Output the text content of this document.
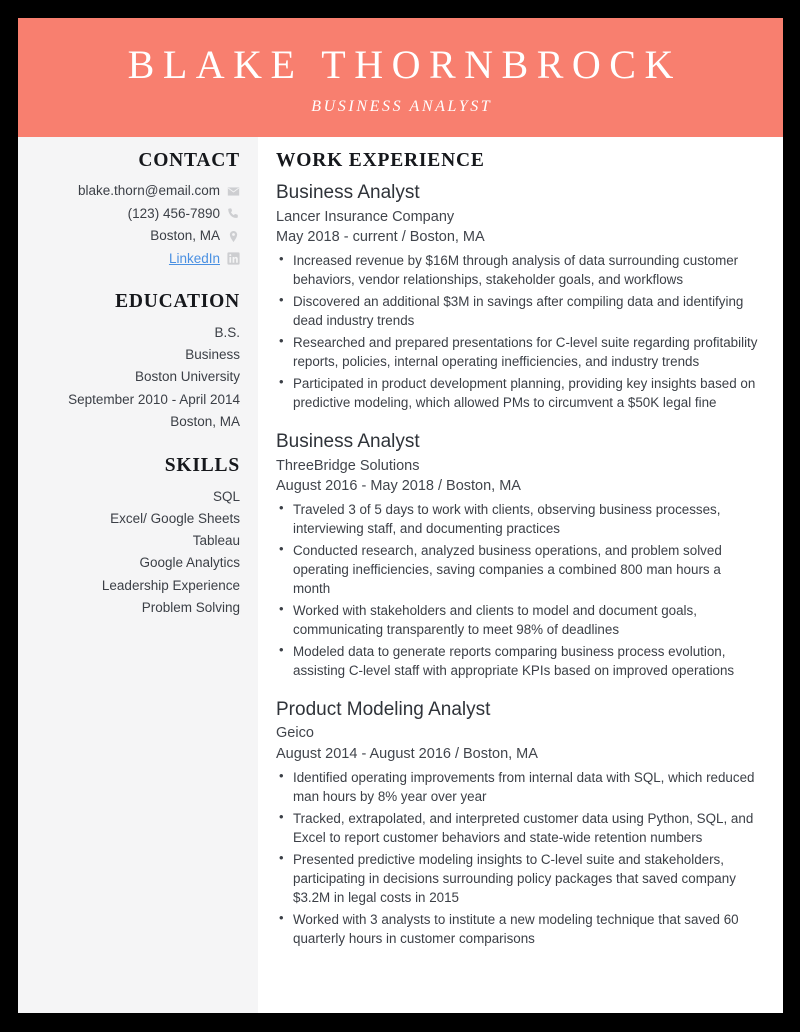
BLAKE THORNBROCK
BUSINESS ANALYST
CONTACT
blake.thorn@email.com
(123) 456-7890
Boston, MA
LinkedIn
EDUCATION
B.S.
Business
Boston University
September 2010 - April 2014
Boston, MA
SKILLS
SQL
Excel/ Google Sheets
Tableau
Google Analytics
Leadership Experience
Problem Solving
WORK EXPERIENCE
Business Analyst
Lancer Insurance Company
May 2018 - current / Boston, MA
• Increased revenue by $16M through analysis of data surrounding customer behaviors, vendor relationships, stakeholder goals, and workflows
• Discovered an additional $3M in savings after compiling data and identifying dead industry trends
• Researched and prepared presentations for C-level suite regarding profitability reports, policies, internal operating inefficiencies, and industry trends
• Participated in product development planning, providing key insights based on predictive modeling, which allowed PMs to circumvent a $50K legal fine
Business Analyst
ThreeBridge Solutions
August 2016 - May 2018 / Boston, MA
• Traveled 3 of 5 days to work with clients, observing business processes, interviewing staff, and documenting practices
• Conducted research, analyzed business operations, and problem solved operating inefficiencies, saving companies a combined 800 man hours a month
• Worked with stakeholders and clients to model and document goals, communicating transparently to meet 98% of deadlines
• Modeled data to generate reports comparing business process evolution, assisting C-level staff with appropriate KPIs based on improved operations
Product Modeling Analyst
Geico
August 2014 - August 2016 / Boston, MA
• Identified operating improvements from internal data with SQL, which reduced man hours by 8% year over year
• Tracked, extrapolated, and interpreted customer data using Python, SQL, and Excel to report customer behaviors and state-wide retention numbers
• Presented predictive modeling insights to C-level suite and stakeholders, participating in decisions surrounding policy packages that saved company $3.2M in legal costs in 2015
• Worked with 3 analysts to institute a new modeling technique that saved 60 quarterly hours in customer comparisons
